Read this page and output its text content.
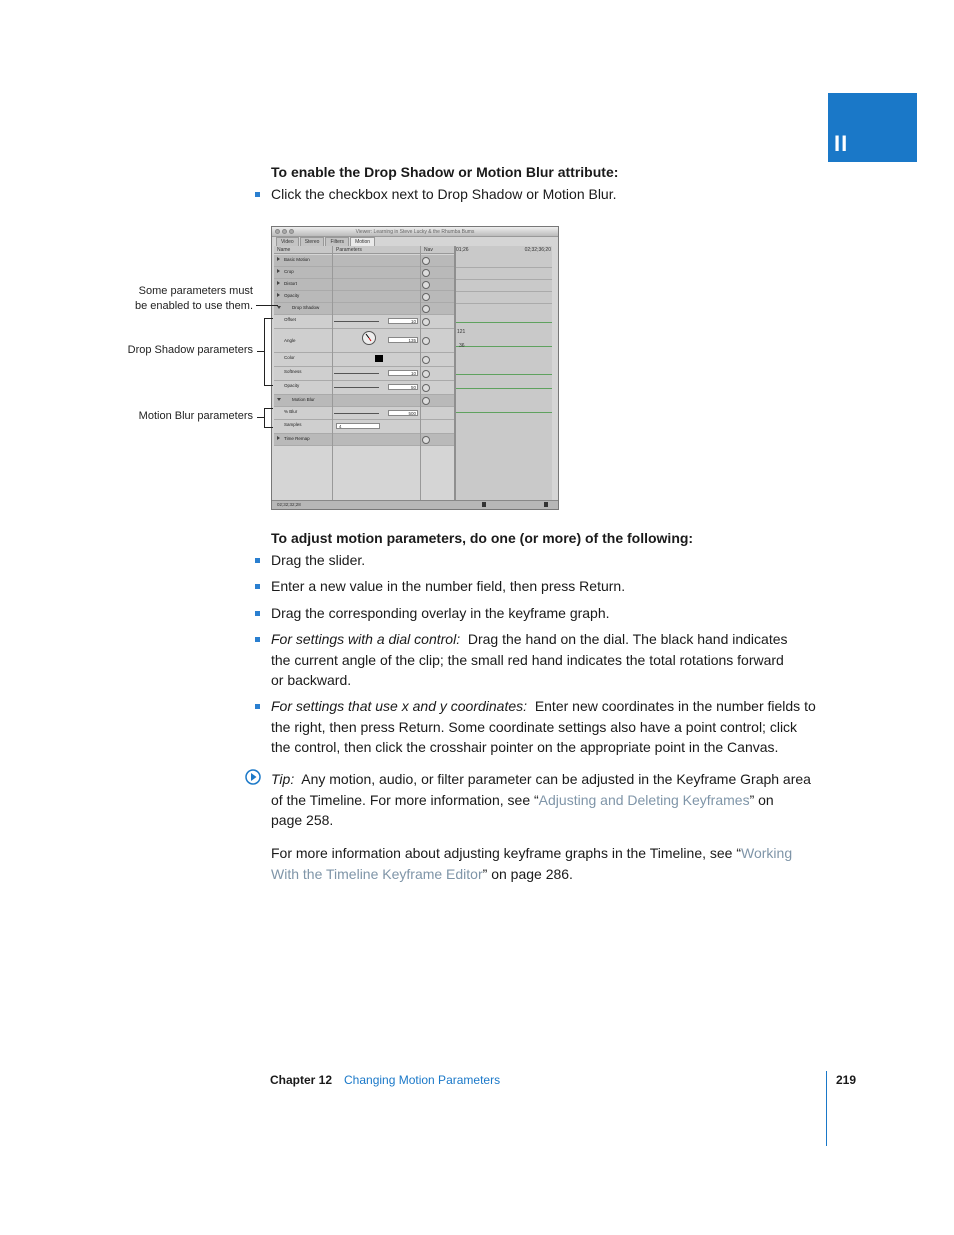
II
To enable the Drop Shadow or Motion Blur attribute:
Click the checkbox next to Drop Shadow or Motion Blur.
Viewer: Learning in Steve Lucky & the Rhumba Bums
Video Stereo Filters Motion
Name	Parameters	Nav
Basic Motion
Crop
Distort
Opacity
Drop Shadow
Offset	10
Angle	135
Color
Softness	10
Opacity	50
Motion Blur
% Blur	500
Samples	4
Time Remap
01;26	02;32;36;20
121
36
02;32;32;28
Some parameters must
be enabled to use them.
Drop Shadow parameters
Motion Blur parameters
To adjust motion parameters, do one (or more) of the following:
Drag the slider.
Enter a new value in the number field, then press Return.
Drag the corresponding overlay in the keyframe graph.
For settings with a dial control: Drag the hand on the dial. The black hand indicates
the current angle of the clip; the small red hand indicates the total rotations forward
or backward.
For settings that use x and y coordinates: Enter new coordinates in the number fields to
the right, then press Return. Some coordinate settings also have a point control; click
the control, then click the crosshair pointer on the appropriate point in the Canvas.
Tip: Any motion, audio, or filter parameter can be adjusted in the Keyframe Graph area
of the Timeline. For more information, see “Adjusting and Deleting Keyframes” on
page 258.
For more information about adjusting keyframe graphs in the Timeline, see “Working
With the Timeline Keyframe Editor” on page 286.
Chapter 12 Changing Motion Parameters	219
